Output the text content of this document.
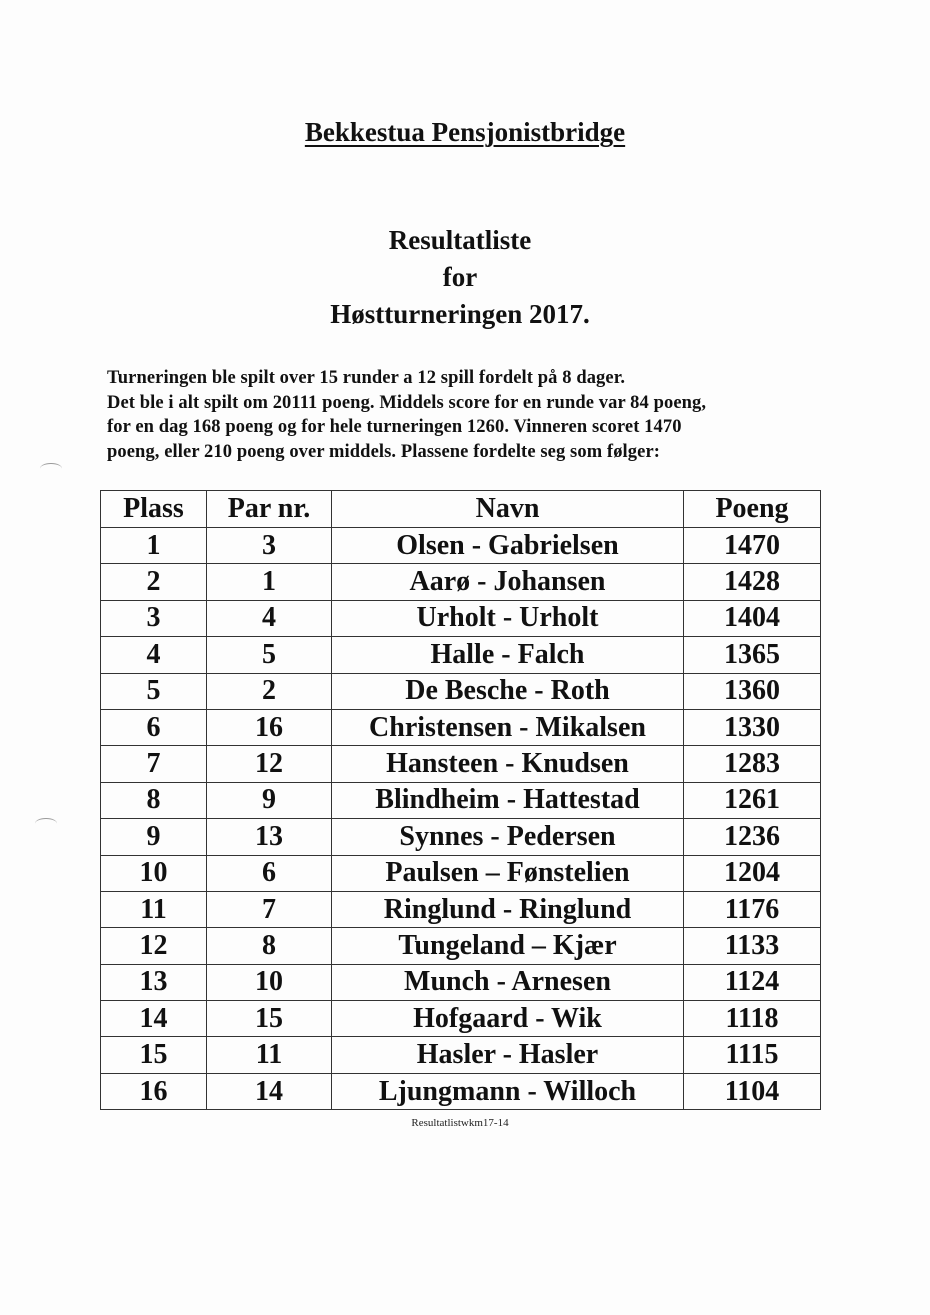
Bekkestua Pensjonistbridge
Resultatliste
for
Høstturneringen 2017.
Turneringen ble spilt over 15 runder a 12 spill fordelt på 8 dager.
Det ble i alt spilt om 20111 poeng. Middels score for en runde var 84 poeng,
for en dag 168 poeng og for hele turneringen 1260. Vinneren scoret 1470
poeng, eller 210 poeng over middels. Plassene fordelte seg som følger:
Plass	Par nr.	Navn	Poeng
1	3	Olsen - Gabrielsen	1470
2	1	Aarø - Johansen	1428
3	4	Urholt - Urholt	1404
4	5	Halle - Falch	1365
5	2	De Besche - Roth	1360
6	16	Christensen - Mikalsen	1330
7	12	Hansteen - Knudsen	1283
8	9	Blindheim - Hattestad	1261
9	13	Synnes - Pedersen	1236
10	6	Paulsen – Fønstelien	1204
11	7	Ringlund - Ringlund	1176
12	8	Tungeland – Kjær	1133
13	10	Munch - Arnesen	1124
14	15	Hofgaard - Wik	1118
15	11	Hasler - Hasler	1115
16	14	Ljungmann - Willoch	1104
Resultatlistwkm17-14
